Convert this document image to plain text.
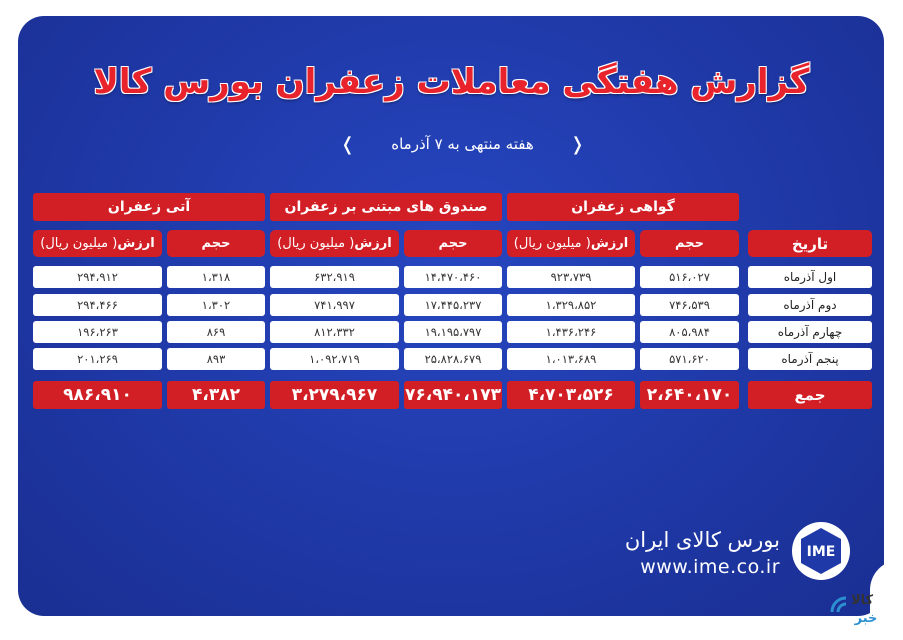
گزارش هفتگی معاملات زعفران بورس کالا
❬ هفته منتهی به ۷ آذرماه ❭
گواهی زعفران
صندوق های مبتنی بر زعفران
آتی زعفران
تاریخ
حجم
ارزش
( میلیون ریال)
حجم
ارزش
( میلیون ریال)
حجم
ارزش
( میلیون ریال)
اول آذرماه
۵۱۶،۰۲۷
۹۲۳،۷۳۹
۱۴،۴۷۰،۴۶۰
۶۳۲،۹۱۹
۱،۳۱۸
۲۹۴،۹۱۲
دوم آذرماه
۷۴۶،۵۳۹
۱،۳۲۹،۸۵۲
۱۷،۴۴۵،۲۳۷
۷۴۱،۹۹۷
۱،۳۰۲
۲۹۴،۴۶۶
چهارم آذرماه
۸۰۵،۹۸۴
۱،۴۳۶،۲۴۶
۱۹،۱۹۵،۷۹۷
۸۱۲،۳۳۲
۸۶۹
۱۹۶،۲۶۳
پنجم آذرماه
۵۷۱،۶۲۰
۱،۰۱۳،۶۸۹
۲۵،۸۲۸،۶۷۹
۱،۰۹۲،۷۱۹
۸۹۳
۲۰۱،۲۶۹
جمع
۲،۶۴۰،۱۷۰
۴،۷۰۳،۵۲۶
۷۶،۹۴۰،۱۷۳
۳،۲۷۹،۹۶۷
۴،۳۸۲
۹۸۶،۹۱۰
بورس کالای ایران
www.ime.co.ir
IME
کالا
خبر
